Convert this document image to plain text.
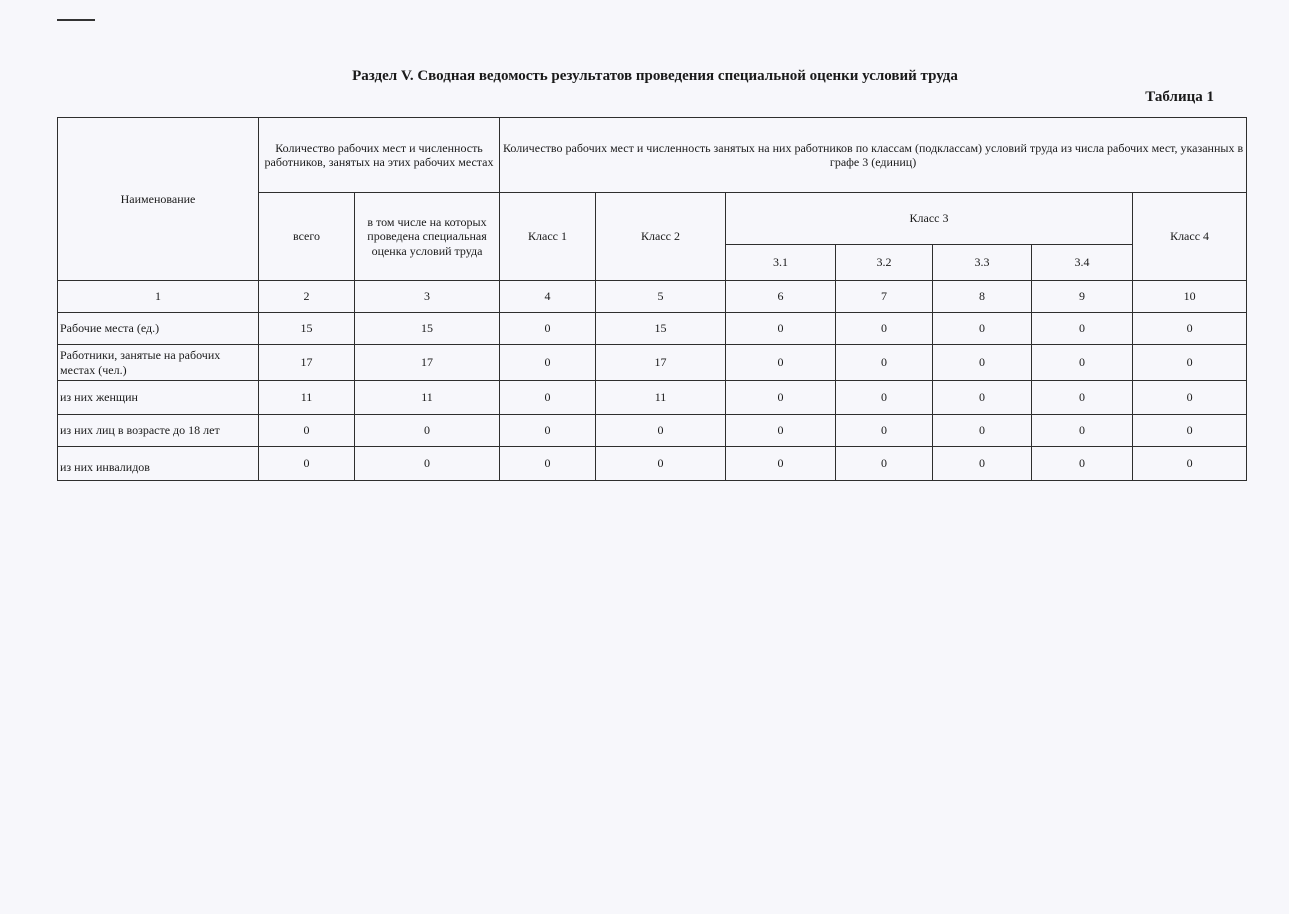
Раздел V. Сводная ведомость результатов проведения специальной оценки условий труда
Таблица 1
Наименование	Количество рабочих мест и численность работников, занятых на этих рабочих местах		Количество рабочих мест и численность занятых на них работников по классам (подклассам) условий труда из числа рабочих мест, указанных в графе 3 (единиц)						
	всего	в том числе на которых проведена специальная оценка условий труда	Класс 1	Класс 2	Класс 3				Класс 4
					3.1	3.2	3.3	3.4	
1	2	3	4	5	6	7	8	9	10
Рабочие места (ед.)	15	15	0	15	0	0	0	0	0
Работники, занятые на рабочих местах (чел.)	17	17	0	17	0	0	0	0	0
из них женщин	11	11	0	11	0	0	0	0	0
из них лиц в возрасте до 18 лет	0	0	0	0	0	0	0	0	0
из них инвалидов	0	0	0	0	0	0	0	0	0
